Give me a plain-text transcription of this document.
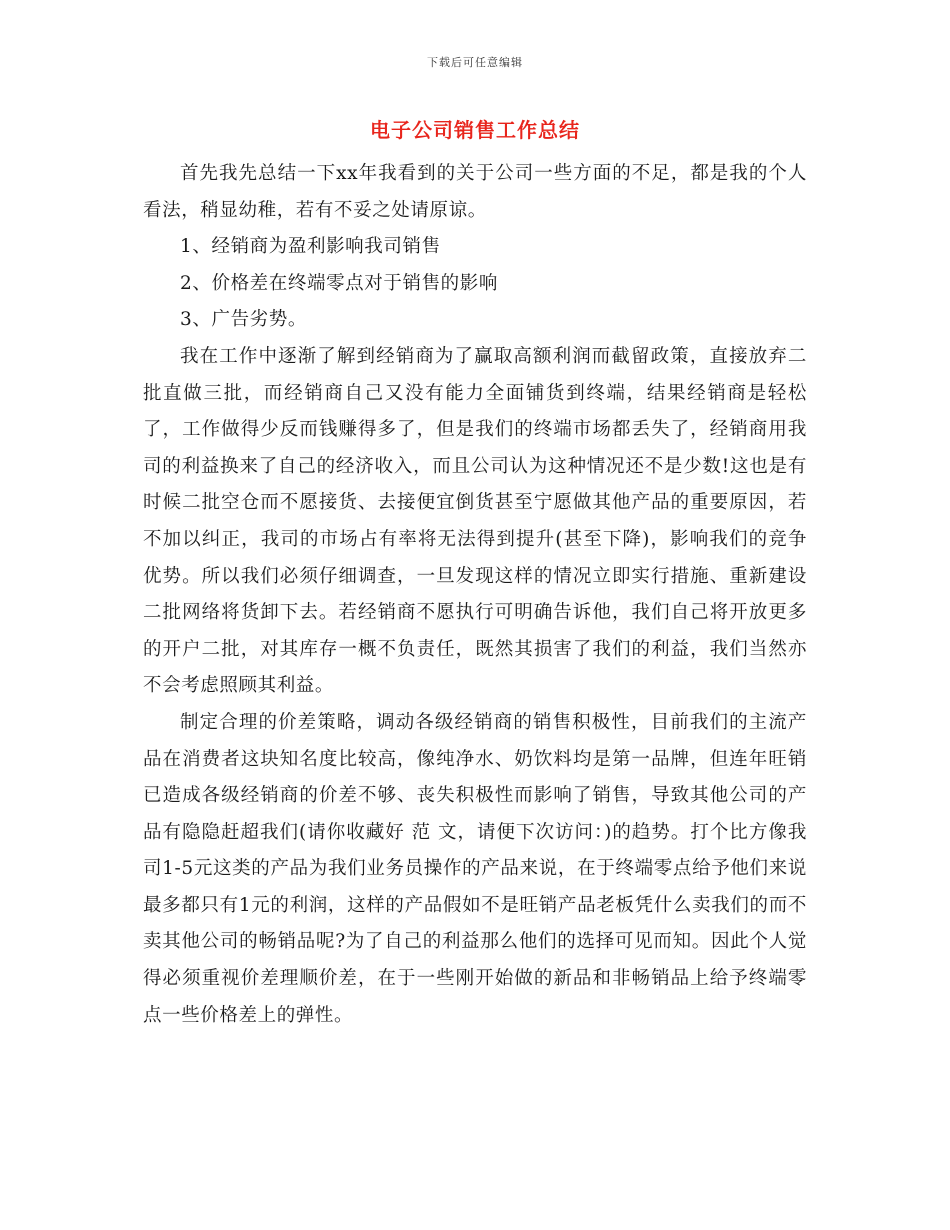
下载后可任意编辑
电子公司销售工作总结

首先我先总结一下xx年我看到的关于公司一些方面的不足，都是我的个人看法，稍显幼稚，若有不妥之处请原谅。

1、经销商为盈利影响我司销售

2、价格差在终端零点对于销售的影响

3、广告劣势。

我在工作中逐渐了解到经销商为了赢取高额利润而截留政策，直接放弃二批直做三批，而经销商自己又没有能力全面铺货到终端，结果经销商是轻松了，工作做得少反而钱赚得多了，但是我们的终端市场都丢失了，经销商用我司的利益换来了自己的经济收入，而且公司认为这种情况还不是少数!这也是有时候二批空仓而不愿接货、去接便宜倒货甚至宁愿做其他产品的重要原因，若不加以纠正，我司的市场占有率将无法得到提升(甚至下降)，影响我们的竞争优势。所以我们必须仔细调查，一旦发现这样的情况立即实行措施、重新建设二批网络将货卸下去。若经销商不愿执行可明确告诉他，我们自己将开放更多的开户二批，对其库存一概不负责任，既然其损害了我们的利益，我们当然亦不会考虑照顾其利益。

制定合理的价差策略，调动各级经销商的销售积极性，目前我们的主流产品在消费者这块知名度比较高，像纯净水、奶饮料均是第一品牌，但连年旺销已造成各级经销商的价差不够、丧失积极性而影响了销售，导致其他公司的产品有隐隐赶超我们(请你收藏好 范 文，请便下次访问：)的趋势。打个比方像我司1-5元这类的产品为我们业务员操作的产品来说，在于终端零点给予他们来说最多都只有1元的利润，这样的产品假如不是旺销产品老板凭什么卖我们的而不卖其他公司的畅销品呢?为了自己的利益那么他们的选择可见而知。因此个人觉得必须重视价差理顺价差，在于一些刚开始做的新品和非畅销品上给予终端零点一些价格差上的弹性。
